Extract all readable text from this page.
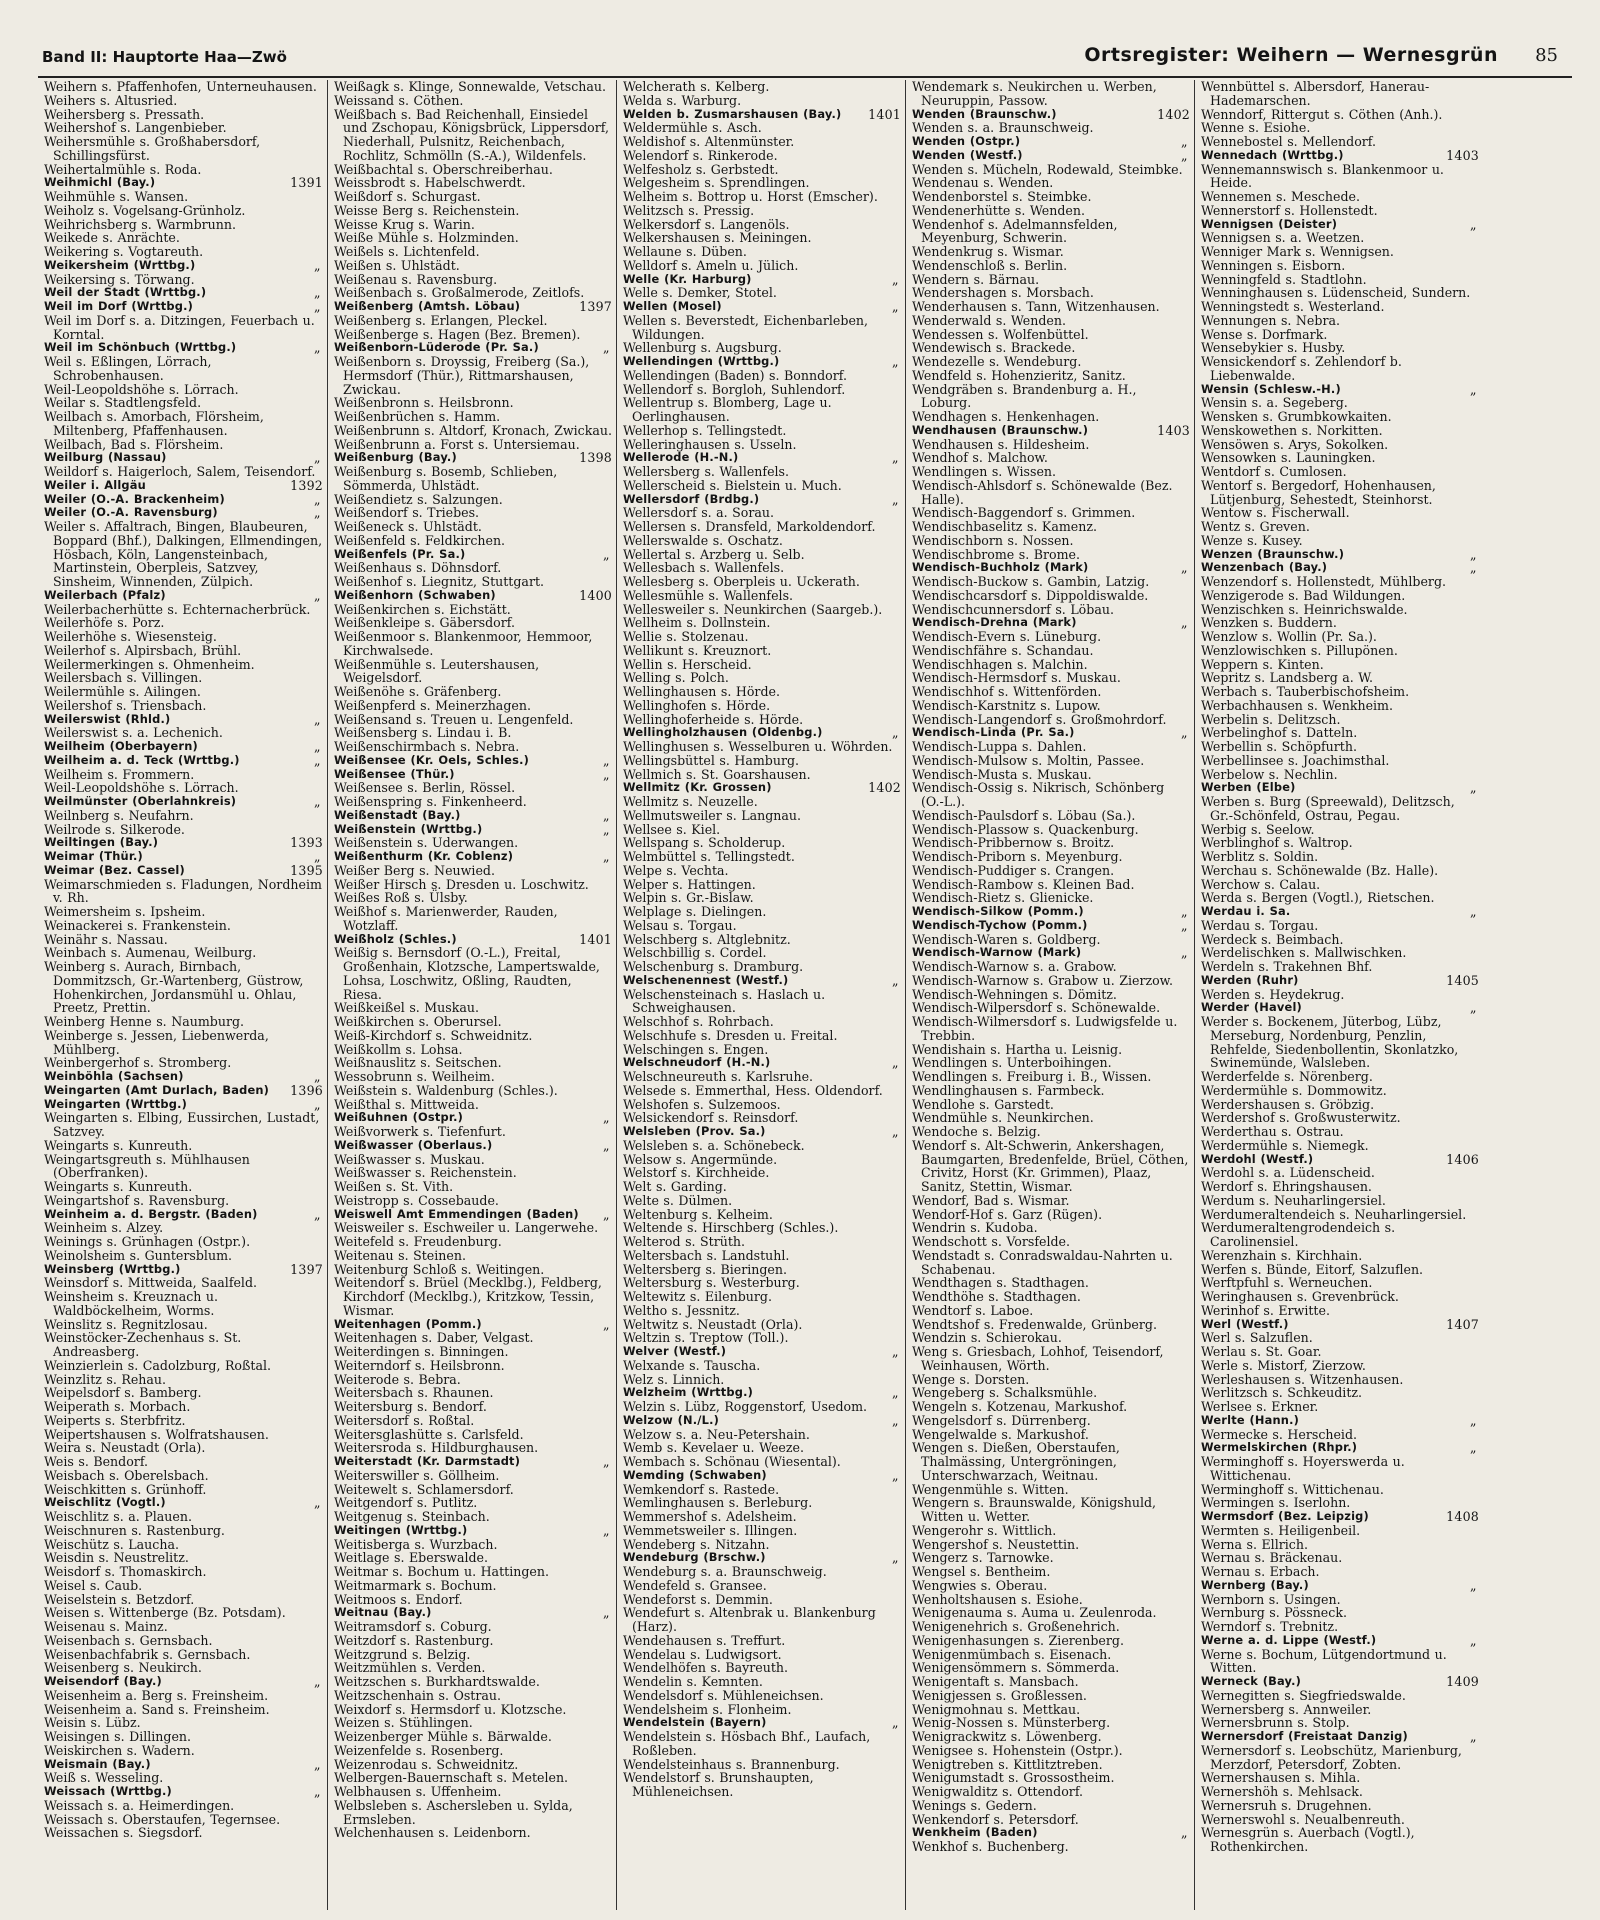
Band II: Hauptorte Haa—Zwö	Ortsregister: Weihern — Wernesgrün 85
Weihern s. Pfaffenhofen, Unterneuhausen.
Weihers s. Altusried.
Weihersberg s. Pressath.
Weihershof s. Langenbieber.
Weihersmühle s. Großhabersdorf, Schillingsfürst.
Weihertalmühle s. Roda.
1391
Weihmichl (Bay.)
Weihmühle s. Wansen.
Weiholz s. Vogelsang-Grünholz.
Weihrichsberg s. Warmbrunn.
Weikede s. Anrächte.
Weikering s. Vogtareuth.
„
Weikersheim (Wrttbg.)
Weikersing s. Törwang.
„
Weil der Stadt (Wrttbg.)
„
Weil im Dorf (Wrttbg.)
Weil im Dorf s. a. Ditzingen, Feuerbach u. Korntal.
„
Weil im Schönbuch (Wrttbg.)
Weil s. Eßlingen, Lörrach, Schrobenhausen.
Weil-Leopoldshöhe s. Lörrach.
Weilar s. Stadtlengsfeld.
Weilbach s. Amorbach, Flörsheim, Miltenberg, Pfaffenhausen.
Weilbach, Bad s. Flörsheim.
„
Weilburg (Nassau)
Weildorf s. Haigerloch, Salem, Teisendorf.
1392
Weiler i. Allgäu
„
Weiler (O.-A. Brackenheim)
„
Weiler (O.-A. Ravensburg)
Weiler s. Affaltrach, Bingen, Blaubeuren, Boppard (Bhf.), Dalkingen, Ellmendingen, Hösbach, Köln, Langensteinbach, Martinstein, Oberpleis, Satzvey, Sinsheim, Winnenden, Zülpich.
„
Weilerbach (Pfalz)
Weilerbacherhütte s. Echternacherbrück.
Weilerhöfe s. Porz.
Weilerhöhe s. Wiesensteig.
Weilerhof s. Alpirsbach, Brühl.
Weilermerkingen s. Ohmenheim.
Weilersbach s. Villingen.
Weilermühle s. Ailingen.
Weilershof s. Triensbach.
„
Weilerswist (Rhld.)
Weilerswist s. a. Lechenich.
„
Weilheim (Oberbayern)
„
Weilheim a. d. Teck (Wrttbg.)
Weilheim s. Frommern.
Weil-Leopoldshöhe s. Lörrach.
„
Weilmünster (Oberlahnkreis)
Weilnberg s. Neufahrn.
Weilrode s. Silkerode.
1393
Weiltingen (Bay.)
„
Weimar (Thür.)
1395
Weimar (Bez. Cassel)
Weimarschmieden s. Fladungen, Nordheim v. Rh.
Weimersheim s. Ipsheim.
Weinackerei s. Frankenstein.
Weinähr s. Nassau.
Weinbach s. Aumenau, Weilburg.
Weinberg s. Aurach, Birnbach, Dommitzsch, Gr.-Wartenberg, Güstrow, Hohenkirchen, Jordansmühl u. Ohlau, Preetz, Prettin.
Weinberg Henne s. Naumburg.
Weinberge s. Jessen, Liebenwerda, Mühlberg.
Weinbergerhof s. Stromberg.
„
Weinböhla (Sachsen)
1396
Weingarten (Amt Durlach, Baden)
„
Weingarten (Wrttbg.)
Weingarten s. Elbing, Eussirchen, Lustadt, Satzvey.
Weingarts s. Kunreuth.
Weingartsgreuth s. Mühlhausen (Oberfranken).
Weingarts s. Kunreuth.
Weingartshof s. Ravensburg.
„
Weinheim a. d. Bergstr. (Baden)
Weinheim s. Alzey.
Weinings s. Grünhagen (Ostpr.).
Weinolsheim s. Guntersblum.
1397
Weinsberg (Wrttbg.)
Weinsdorf s. Mittweida, Saalfeld.
Weinsheim s. Kreuznach u. Waldböckelheim, Worms.
Weinslitz s. Regnitzlosau.
Weinstöcker-Zechenhaus s. St. Andreasberg.
Weinzierlein s. Cadolzburg, Roßtal.
Weinzlitz s. Rehau.
Weipelsdorf s. Bamberg.
Weiperath s. Morbach.
Weiperts s. Sterbfritz.
Weipertshausen s. Wolfratshausen.
Weira s. Neustadt (Orla).
Weis s. Bendorf.
Weisbach s. Oberelsbach.
Weischkitten s. Grünhoff.
„
Weischlitz (Vogtl.)
Weischlitz s. a. Plauen.
Weischnuren s. Rastenburg.
Weischütz s. Laucha.
Weisdin s. Neustrelitz.
Weisdorf s. Thomaskirch.
Weisel s. Caub.
Weiselstein s. Betzdorf.
Weisen s. Wittenberge (Bz. Potsdam).
Weisenau s. Mainz.
Weisenbach s. Gernsbach.
Weisenbachfabrik s. Gernsbach.
Weisenberg s. Neukirch.
„
Weisendorf (Bay.)
Weisenheim a. Berg s. Freinsheim.
Weisenheim a. Sand s. Freinsheim.
Weisin s. Lübz.
Weisingen s. Dillingen.
Weiskirchen s. Wadern.
„
Weismain (Bay.)
Weiß s. Wesseling.
„
Weissach (Wrttbg.)
Weissach s. a. Heimerdingen.
Weissach s. Oberstaufen, Tegernsee.
Weissachen s. Siegsdorf.
Weißagk s. Klinge, Sonnewalde, Vetschau.
Weissand s. Cöthen.
Weißbach s. Bad Reichenhall, Einsiedel und Zschopau, Königsbrück, Lippersdorf, Niederhall, Pulsnitz, Reichenbach, Rochlitz, Schmölln (S.-A.), Wildenfels.
Weißbachtal s. Oberschreiberhau.
Weissbrodt s. Habelschwerdt.
Weißdorf s. Schurgast.
Weisse Berg s. Reichenstein.
Weisse Krug s. Warin.
Weiße Mühle s. Holzminden.
Weißels s. Lichtenfeld.
Weißen s. Uhlstädt.
Weißenau s. Ravensburg.
Weißenbach s. Großalmerode, Zeitlofs.
1397
Weißenberg (Amtsh. Löbau)
Weißenberg s. Erlangen, Pleckel.
Weißenberge s. Hagen (Bez. Bremen).
„
Weißenborn-Lüderode (Pr. Sa.)
Weißenborn s. Droyssig, Freiberg (Sa.), Hermsdorf (Thür.), Rittmarshausen, Zwickau.
Weißenbronn s. Heilsbronn.
Weißenbrüchen s. Hamm.
Weißenbrunn s. Altdorf, Kronach, Zwickau.
Weißenbrunn a. Forst s. Untersiemau.
1398
Weißenburg (Bay.)
Weißenburg s. Bosemb, Schlieben, Sömmerda, Uhlstädt.
Weißendietz s. Salzungen.
Weißendorf s. Triebes.
Weißeneck s. Uhlstädt.
Weißenfeld s. Feldkirchen.
„
Weißenfels (Pr. Sa.)
Weißenhaus s. Döhnsdorf.
Weißenhof s. Liegnitz, Stuttgart.
1400
Weißenhorn (Schwaben)
Weißenkirchen s. Eichstätt.
Weißenkleipe s. Gäbersdorf.
Weißenmoor s. Blankenmoor, Hemmoor, Kirchwalsede.
Weißenmühle s. Leutershausen, Weigelsdorf.
Weißenöhe s. Gräfenberg.
Weißenpferd s. Meinerzhagen.
Weißensand s. Treuen u. Lengenfeld.
Weißensberg s. Lindau i. B.
Weißenschirmbach s. Nebra.
„
Weißensee (Kr. Oels, Schles.)
„
Weißensee (Thür.)
Weißensee s. Berlin, Rössel.
Weißenspring s. Finkenheerd.
„
Weißenstadt (Bay.)
„
Weißenstein (Wrttbg.)
Weißenstein s. Uderwangen.
„
Weißenthurm (Kr. Coblenz)
Weißer Berg s. Neuwied.
Weißer Hirsch s. Dresden u. Loschwitz.
Weißes Roß s. Ülsby.
Weißhof s. Marienwerder, Rauden, Wotzlaff.
1401
Weißholz (Schles.)
Weißig s. Bernsdorf (O.-L.), Freital, Großenhain, Klotzsche, Lampertswalde, Lohsa, Loschwitz, Oßling, Raudten, Riesa.
Weißkeißel s. Muskau.
Weißkirchen s. Oberursel.
Weiß-Kirchdorf s. Schweidnitz.
Weißkollm s. Lohsa.
Weißnauslitz s. Seitschen.
Wessobrunn s. Weilheim.
Weißstein s. Waldenburg (Schles.).
Weißthal s. Mittweida.
„
Weißuhnen (Ostpr.)
Weißvorwerk s. Tiefenfurt.
„
Weißwasser (Oberlaus.)
Weißwasser s. Muskau.
Weißwasser s. Reichenstein.
Weißen s. St. Vith.
Weistropp s. Cossebaude.
„
Weiswell Amt Emmendingen (Baden)
Weisweiler s. Eschweiler u. Langerwehe.
Weitefeld s. Freudenburg.
Weitenau s. Steinen.
Weitenburg Schloß s. Weitingen.
Weitendorf s. Brüel (Mecklbg.), Feldberg, Kirchdorf (Mecklbg.), Kritzkow, Tessin, Wismar.
„
Weitenhagen (Pomm.)
Weitenhagen s. Daber, Velgast.
Weiterdingen s. Binningen.
Weiterndorf s. Heilsbronn.
Weiterode s. Bebra.
Weitersbach s. Rhaunen.
Weitersburg s. Bendorf.
Weitersdorf s. Roßtal.
Weitersglashütte s. Carlsfeld.
Weitersroda s. Hildburghausen.
„
Weiterstadt (Kr. Darmstadt)
Weiterswiller s. Göllheim.
Weitewelt s. Schlamersdorf.
Weitgendorf s. Putlitz.
Weitgenug s. Steinbach.
„
Weitingen (Wrttbg.)
Weitisberga s. Wurzbach.
Weitlage s. Eberswalde.
Weitmar s. Bochum u. Hattingen.
Weitmarmark s. Bochum.
Weitmoos s. Endorf.
„
Weitnau (Bay.)
Weitramsdorf s. Coburg.
Weitzdorf s. Rastenburg.
Weitzgrund s. Belzig.
Weitzmühlen s. Verden.
Weitzschen s. Burkhardtswalde.
Weitzschenhain s. Ostrau.
Weixdorf s. Hermsdorf u. Klotzsche.
Weizen s. Stühlingen.
Weizenberger Mühle s. Bärwalde.
Weizenfelde s. Rosenberg.
Weizenrodau s. Schweidnitz.
Welbergen-Bauernschaft s. Metelen.
Welbhausen s. Uffenheim.
Welbsleben s. Aschersleben u. Sylda, Ermsleben.
Welchenhausen s. Leidenborn.
Welcherath s. Kelberg.
Welda s. Warburg.
1401
Welden b. Zusmarshausen (Bay.)
Weldermühle s. Asch.
Weldishof s. Altenmünster.
Welendorf s. Rinkerode.
Welfesholz s. Gerbstedt.
Welgesheim s. Sprendlingen.
Welheim s. Bottrop u. Horst (Emscher).
Welitzsch s. Pressig.
Welkersdorf s. Langenöls.
Welkershausen s. Meiningen.
Wellaune s. Düben.
Welldorf s. Ameln u. Jülich.
„
Welle (Kr. Harburg)
Welle s. Demker, Stotel.
„
Wellen (Mosel)
Wellen s. Beverstedt, Eichenbarleben, Wildungen.
Wellenburg s. Augsburg.
„
Wellendingen (Wrttbg.)
Wellendingen (Baden) s. Bonndorf.
Wellendorf s. Borgloh, Suhlendorf.
Wellentrup s. Blomberg, Lage u. Oerlinghausen.
Wellerhop s. Tellingstedt.
Welleringhausen s. Usseln.
„
Wellerode (H.-N.)
Wellersberg s. Wallenfels.
Wellerscheid s. Bielstein u. Much.
„
Wellersdorf (Brdbg.)
Wellersdorf s. a. Sorau.
Wellersen s. Dransfeld, Markoldendorf.
Wellerswalde s. Oschatz.
Wellertal s. Arzberg u. Selb.
Wellesbach s. Wallenfels.
Wellesberg s. Oberpleis u. Uckerath.
Wellesmühle s. Wallenfels.
Wellesweiler s. Neunkirchen (Saargeb.).
Wellheim s. Dollnstein.
Wellie s. Stolzenau.
Wellikunt s. Kreuznort.
Wellin s. Herscheid.
Welling s. Polch.
Wellinghausen s. Hörde.
Wellinghofen s. Hörde.
Wellinghoferheide s. Hörde.
„
Wellingholzhausen (Oldenbg.)
Wellinghusen s. Wesselburen u. Wöhrden.
Wellingsbüttel s. Hamburg.
Wellmich s. St. Goarshausen.
1402
Wellmitz (Kr. Grossen)
Wellmitz s. Neuzelle.
Wellmutsweiler s. Langnau.
Wellsee s. Kiel.
Wellspang s. Scholderup.
Welmbüttel s. Tellingstedt.
Welpe s. Vechta.
Welper s. Hattingen.
Welpin s. Gr.-Bislaw.
Welplage s. Dielingen.
Welsau s. Torgau.
Welschberg s. Altglebnitz.
Welschbillig s. Cordel.
Welschenburg s. Dramburg.
„
Welschenennest (Westf.)
Welschensteinach s. Haslach u. Schweighausen.
Welschhof s. Rohrbach.
Welschhufe s. Dresden u. Freital.
Welschingen s. Engen.
„
Welschneudorf (H.-N.)
Welschneureuth s. Karlsruhe.
Welsede s. Emmerthal, Hess. Oldendorf.
Welshofen s. Sulzemoos.
Welsickendorf s. Reinsdorf.
„
Welsleben (Prov. Sa.)
Welsleben s. a. Schönebeck.
Welsow s. Angermünde.
Welstorf s. Kirchheide.
Welt s. Garding.
Welte s. Dülmen.
Weltenburg s. Kelheim.
Weltende s. Hirschberg (Schles.).
Welterod s. Strüth.
Weltersbach s. Landstuhl.
Weltersberg s. Bieringen.
Weltersburg s. Westerburg.
Weltewitz s. Eilenburg.
Weltho s. Jessnitz.
Weltwitz s. Neustadt (Orla).
Weltzin s. Treptow (Toll.).
„
Welver (Westf.)
Welxande s. Tauscha.
Welz s. Linnich.
„
Welzheim (Wrttbg.)
Welzin s. Lübz, Roggenstorf, Usedom.
„
Welzow (N./L.)
Welzow s. a. Neu-Petershain.
Wemb s. Kevelaer u. Weeze.
Wembach s. Schönau (Wiesental).
„
Wemding (Schwaben)
Wemkendorf s. Rastede.
Wemlinghausen s. Berleburg.
Wemmershof s. Adelsheim.
Wemmetsweiler s. Illingen.
Wendeberg s. Nitzahn.
„
Wendeburg (Brschw.)
Wendeburg s. a. Braunschweig.
Wendefeld s. Gransee.
Wendeforst s. Demmin.
Wendefurt s. Altenbrak u. Blankenburg (Harz).
Wendehausen s. Treffurt.
Wendelau s. Ludwigsort.
Wendelhöfen s. Bayreuth.
Wendelin s. Kemnten.
Wendelsdorf s. Mühleneichsen.
Wendelsheim s. Flonheim.
„
Wendelstein (Bayern)
Wendelstein s. Hösbach Bhf., Laufach, Roßleben.
Wendelsteinhaus s. Brannenburg.
Wendelstorf s. Brunshaupten, Mühleneichsen.
Wendemark s. Neukirchen u. Werben, Neuruppin, Passow.
1402
Wenden (Braunschw.)
Wenden s. a. Braunschweig.
„
Wenden (Ostpr.)
„
Wenden (Westf.)
Wenden s. Mücheln, Rodewald, Steimbke.
Wendenau s. Wenden.
Wendenborstel s. Steimbke.
Wendenerhütte s. Wenden.
Wendenhof s. Adelmannsfelden, Meyenburg, Schwerin.
Wendenkrug s. Wismar.
Wendenschloß s. Berlin.
Wendern s. Bärnau.
Wendershagen s. Morsbach.
Wenderhausen s. Tann, Witzenhausen.
Wenderwald s. Wenden.
Wendessen s. Wolfenbüttel.
Wendewisch s. Brackede.
Wendezelle s. Wendeburg.
Wendfeld s. Hohenzieritz, Sanitz.
Wendgräben s. Brandenburg a. H., Loburg.
Wendhagen s. Henkenhagen.
1403
Wendhausen (Braunschw.)
Wendhausen s. Hildesheim.
Wendhof s. Malchow.
Wendlingen s. Wissen.
Wendisch-Ahlsdorf s. Schönewalde (Bez. Halle).
Wendisch-Baggendorf s. Grimmen.
Wendischbaselitz s. Kamenz.
Wendischborn s. Nossen.
Wendischbrome s. Brome.
„
Wendisch-Buchholz (Mark)
Wendisch-Buckow s. Gambin, Latzig.
Wendischcarsdorf s. Dippoldiswalde.
Wendischcunnersdorf s. Löbau.
„
Wendisch-Drehna (Mark)
Wendisch-Evern s. Lüneburg.
Wendischfähre s. Schandau.
Wendischhagen s. Malchin.
Wendisch-Hermsdorf s. Muskau.
Wendischhof s. Wittenförden.
Wendisch-Karstnitz s. Lupow.
Wendisch-Langendorf s. Großmohrdorf.
„
Wendisch-Linda (Pr. Sa.)
Wendisch-Luppa s. Dahlen.
Wendisch-Mulsow s. Moltin, Passee.
Wendisch-Musta s. Muskau.
Wendisch-Ossig s. Nikrisch, Schönberg (O.-L.).
Wendisch-Paulsdorf s. Löbau (Sa.).
Wendisch-Plassow s. Quackenburg.
Wendisch-Pribbernow s. Broitz.
Wendisch-Priborn s. Meyenburg.
Wendisch-Puddiger s. Crangen.
Wendisch-Rambow s. Kleinen Bad.
Wendisch-Rietz s. Glienicke.
„
Wendisch-Silkow (Pomm.)
„
Wendisch-Tychow (Pomm.)
Wendisch-Waren s. Goldberg.
„
Wendisch-Warnow (Mark)
Wendisch-Warnow s. a. Grabow.
Wendisch-Warnow s. Grabow u. Zierzow.
Wendisch-Wehningen s. Dömitz.
Wendisch-Wilpersdorf s. Schönewalde.
Wendisch-Wilmersdorf s. Ludwigsfelde u. Trebbin.
Wendishain s. Hartha u. Leisnig.
Wendlingen s. Unterboihingen.
Wendlingen s. Freiburg i. B., Wissen.
Wendlinghausen s. Farmbeck.
Wendlohe s. Garstedt.
Wendmühle s. Neunkirchen.
Wendoche s. Belzig.
Wendorf s. Alt-Schwerin, Ankershagen, Baumgarten, Bredenfelde, Brüel, Cöthen, Crivitz, Horst (Kr. Grimmen), Plaaz, Sanitz, Stettin, Wismar.
Wendorf, Bad s. Wismar.
Wendorf-Hof s. Garz (Rügen).
Wendrin s. Kudoba.
Wendschott s. Vorsfelde.
Wendstadt s. Conradswaldau-Nahrten u. Schabenau.
Wendthagen s. Stadthagen.
Wendthöhe s. Stadthagen.
Wendtorf s. Laboe.
Wendtshof s. Fredenwalde, Grünberg.
Wendzin s. Schierokau.
Weng s. Griesbach, Lohhof, Teisendorf, Weinhausen, Wörth.
Wenge s. Dorsten.
Wengeberg s. Schalksmühle.
Wengeln s. Kotzenau, Markushof.
Wengelsdorf s. Dürrenberg.
Wengelwalde s. Markushof.
Wengen s. Dießen, Oberstaufen, Thalmässing, Untergröningen, Unterschwarzach, Weitnau.
Wengenmühle s. Witten.
Wengern s. Braunswalde, Königshuld, Witten u. Wetter.
Wengerohr s. Wittlich.
Wengershof s. Neustettin.
Wengerz s. Tarnowke.
Wengsel s. Bentheim.
Wengwies s. Oberau.
Wenholtshausen s. Esiohe.
Wenigenauma s. Auma u. Zeulenroda.
Wenigenehrich s. Großenehrich.
Wenigenhasungen s. Zierenberg.
Wenigenmümbach s. Eisenach.
Wenigensömmern s. Sömmerda.
Wenigentaft s. Mansbach.
Wenigjessen s. Großlessen.
Wenigmohnau s. Mettkau.
Wenig-Nossen s. Münsterberg.
Wenigrackwitz s. Löwenberg.
Wenigsee s. Hohenstein (Ostpr.).
Wenigtreben s. Kittlitztreben.
Wenigumstadt s. Grossostheim.
Wenigwalditz s. Ottendorf.
Wenings s. Gedern.
Wenkendorf s. Petersdorf.
„
Wenkheim (Baden)
Wenkhof s. Buchenberg.
Wennbüttel s. Albersdorf, Hanerau-Hademarschen.
Wenndorf, Rittergut s. Cöthen (Anh.).
Wenne s. Esiohe.
Wennebostel s. Mellendorf.
1403
Wennedach (Wrttbg.)
Wennemannswisch s. Blankenmoor u. Heide.
Wennemen s. Meschede.
Wennerstorf s. Hollenstedt.
„
Wennigsen (Deister)
Wennigsen s. a. Weetzen.
Wenniger Mark s. Wennigsen.
Wenningen s. Eisborn.
Wenningfeld s. Stadtlohn.
Wenninghausen s. Lüdenscheid, Sundern.
Wenningstedt s. Westerland.
Wennungen s. Nebra.
Wense s. Dorfmark.
Wensebykier s. Husby.
Wensickendorf s. Zehlendorf b. Liebenwalde.
„
Wensin (Schlesw.-H.)
Wensin s. a. Segeberg.
Wensken s. Grumbkowkaiten.
Wenskowethen s. Norkitten.
Wensöwen s. Arys, Sokolken.
Wensowken s. Launingken.
Wentdorf s. Cumlosen.
Wentorf s. Bergedorf, Hohenhausen, Lütjenburg, Sehestedt, Steinhorst.
Wentow s. Fischerwall.
Wentz s. Greven.
Wenze s. Kusey.
„
Wenzen (Braunschw.)
„
Wenzenbach (Bay.)
Wenzendorf s. Hollenstedt, Mühlberg.
Wenzigerode s. Bad Wildungen.
Wenzischken s. Heinrichswalde.
Wenzken s. Buddern.
Wenzlow s. Wollin (Pr. Sa.).
Wenzlowischken s. Pillupönen.
Weppern s. Kinten.
Wepritz s. Landsberg a. W.
Werbach s. Tauberbischofsheim.
Werbachhausen s. Wenkheim.
Werbelin s. Delitzsch.
Werbelinghof s. Datteln.
Werbellin s. Schöpfurth.
Werbellinsee s. Joachimsthal.
Werbelow s. Nechlin.
„
Werben (Elbe)
Werben s. Burg (Spreewald), Delitzsch, Gr.-Schönfeld, Ostrau, Pegau.
Werbig s. Seelow.
Werblinghof s. Waltrop.
Werblitz s. Soldin.
Werchau s. Schönewalde (Bz. Halle).
Werchow s. Calau.
Werda s. Bergen (Vogtl.), Rietschen.
„
Werdau i. Sa.
Werdau s. Torgau.
Werdeck s. Beimbach.
Werdelischken s. Mallwischken.
Werdeln s. Trakehnen Bhf.
1405
Werden (Ruhr)
Werden s. Heydekrug.
„
Werder (Havel)
Werder s. Bockenem, Jüterbog, Lübz, Merseburg, Nordenburg, Penzlin, Rehfelde, Siedenbollentin, Skonlatzko, Swinemünde, Walsleben.
Werderfelde s. Nörenberg.
Werdermühle s. Dommowitz.
Werdershausen s. Gröbzig.
Werdershof s. Großwusterwitz.
Werderthau s. Ostrau.
Werdermühle s. Niemegk.
1406
Werdohl (Westf.)
Werdohl s. a. Lüdenscheid.
Werdorf s. Ehringshausen.
Werdum s. Neuharlingersiel.
Werdumeraltendeich s. Neuharlingersiel.
Werdumeraltengrodendeich s. Carolinensiel.
Werenzhain s. Kirchhain.
Werfen s. Bünde, Eitorf, Salzuflen.
Werftpfuhl s. Werneuchen.
Weringhausen s. Grevenbrück.
Werinhof s. Erwitte.
1407
Werl (Westf.)
Werl s. Salzuflen.
Werlau s. St. Goar.
Werle s. Mistorf, Zierzow.
Werleshausen s. Witzenhausen.
Werlitzsch s. Schkeuditz.
Werlsee s. Erkner.
„
Werlte (Hann.)
Wermecke s. Herscheid.
„
Wermelskirchen (Rhpr.)
Werminghoff s. Hoyerswerda u. Wittichenau.
Werminghoff s. Wittichenau.
Wermingen s. Iserlohn.
1408
Wermsdorf (Bez. Leipzig)
Wermten s. Heiligenbeil.
Werna s. Ellrich.
Wernau s. Bräckenau.
Wernau s. Erbach.
„
Wernberg (Bay.)
Wernborn s. Usingen.
Wernburg s. Pössneck.
Werndorf s. Trebnitz.
„
Werne a. d. Lippe (Westf.)
Werne s. Bochum, Lütgendortmund u. Witten.
1409
Werneck (Bay.)
Wernegitten s. Siegfriedswalde.
Wernersberg s. Annweiler.
Wernersbrunn s. Stolp.
„
Wernersdorf (Freistaat Danzig)
Wernersdorf s. Leobschütz, Marienburg, Merzdorf, Petersdorf, Zobten.
Wernershausen s. Mihla.
Wernershöh s. Mehlsack.
Wernersruh s. Drugehnen.
Wernerswohl s. Neualbenreuth.
Wernesgrün s. Auerbach (Vogtl.), Rothenkirchen.
